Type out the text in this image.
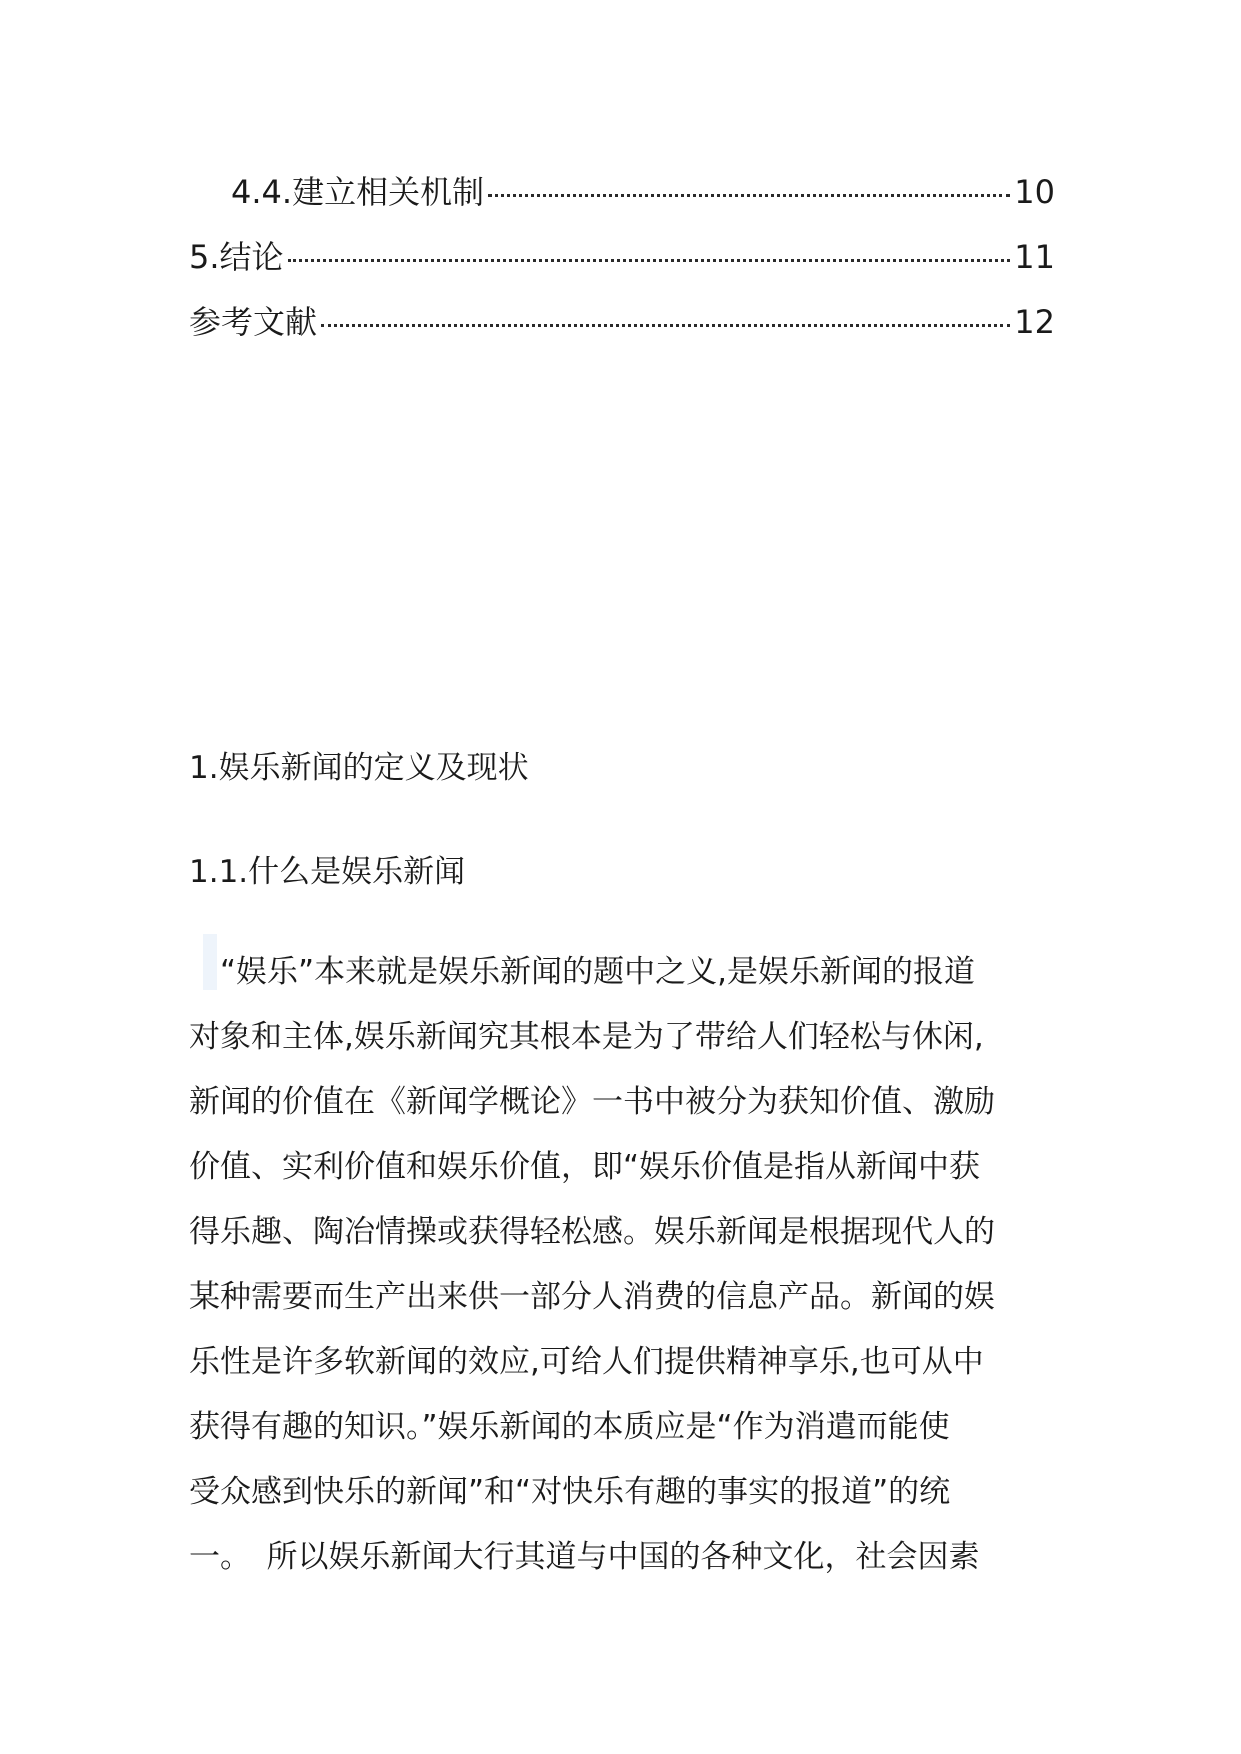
4.4.建立相关机制	10
5.结论	11
参考文献	12
1.娱乐新闻的定义及现状
1.1.什么是娱乐新闻

　“娱乐”本来就是娱乐新闻的题中之义,是娱乐新闻的报道
对象和主体,娱乐新闻究其根本是为了带给人们轻松与休闲,
新闻的价值在《新闻学概论》一书中被分为获知价值、激励
价值、实利价值和娱乐价值，即“娱乐价值是指从新闻中获
得乐趣、陶冶情操或获得轻松感。娱乐新闻是根据现代人的
某种需要而生产出来供一部分人消费的信息产品。新闻的娱
乐性是许多软新闻的效应,可给人们提供精神享乐,也可从中
获得有趣的知识。”娱乐新闻的本质应是“作为消遣而能使
受众感到快乐的新闻”和“对快乐有趣的事实的报道”的统
一。　所以娱乐新闻大行其道与中国的各种文化，社会因素
